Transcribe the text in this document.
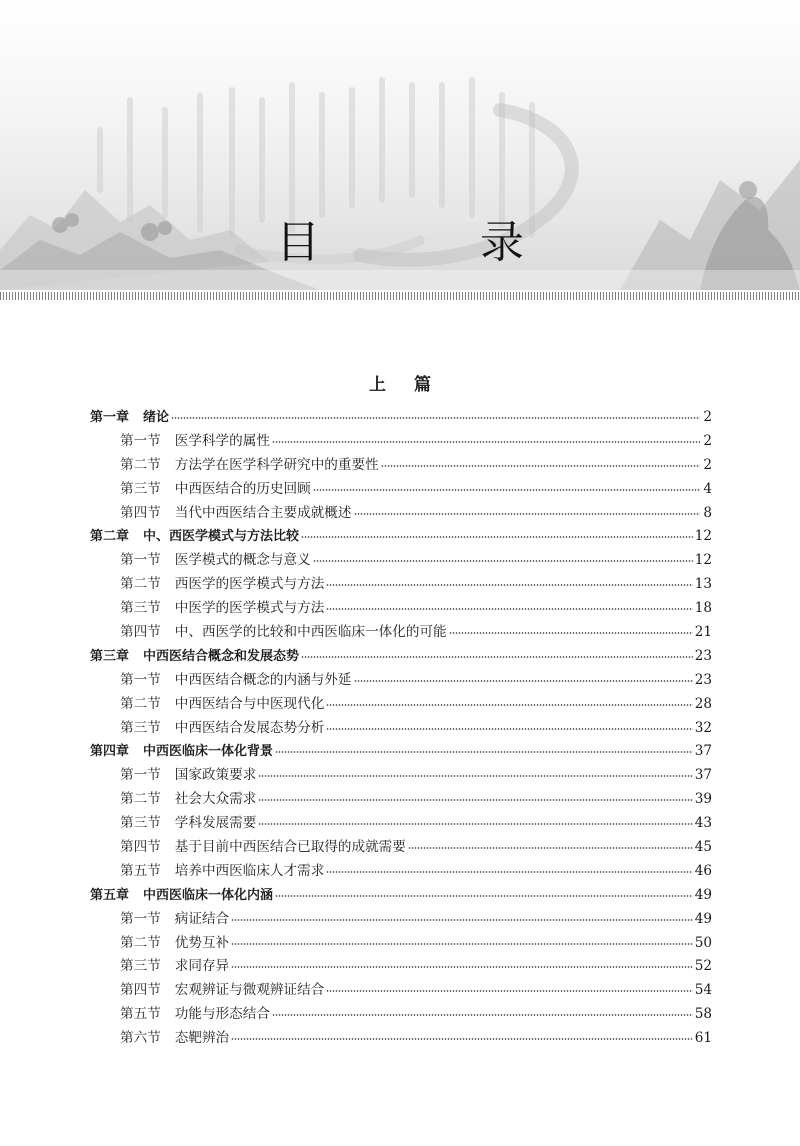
目　录
上篇
第一章 绪论	2
第一节 医学科学的属性	2
第二节 方法学在医学科学研究中的重要性	2
第三节 中西医结合的历史回顾	4
第四节 当代中西医结合主要成就概述	8
第二章 中、西医学模式与方法比较	12
第一节 医学模式的概念与意义	12
第二节 西医学的医学模式与方法	13
第三节 中医学的医学模式与方法	18
第四节 中、西医学的比较和中西医临床一体化的可能	21
第三章 中西医结合概念和发展态势	23
第一节 中西医结合概念的内涵与外延	23
第二节 中西医结合与中医现代化	28
第三节 中西医结合发展态势分析	32
第四章 中西医临床一体化背景	37
第一节 国家政策要求	37
第二节 社会大众需求	39
第三节 学科发展需要	43
第四节 基于目前中西医结合已取得的成就需要	45
第五节 培养中西医临床人才需求	46
第五章 中西医临床一体化内涵	49
第一节 病证结合	49
第二节 优势互补	50
第三节 求同存异	52
第四节 宏观辨证与微观辨证结合	54
第五节 功能与形态结合	58
第六节 态靶辨治	61
